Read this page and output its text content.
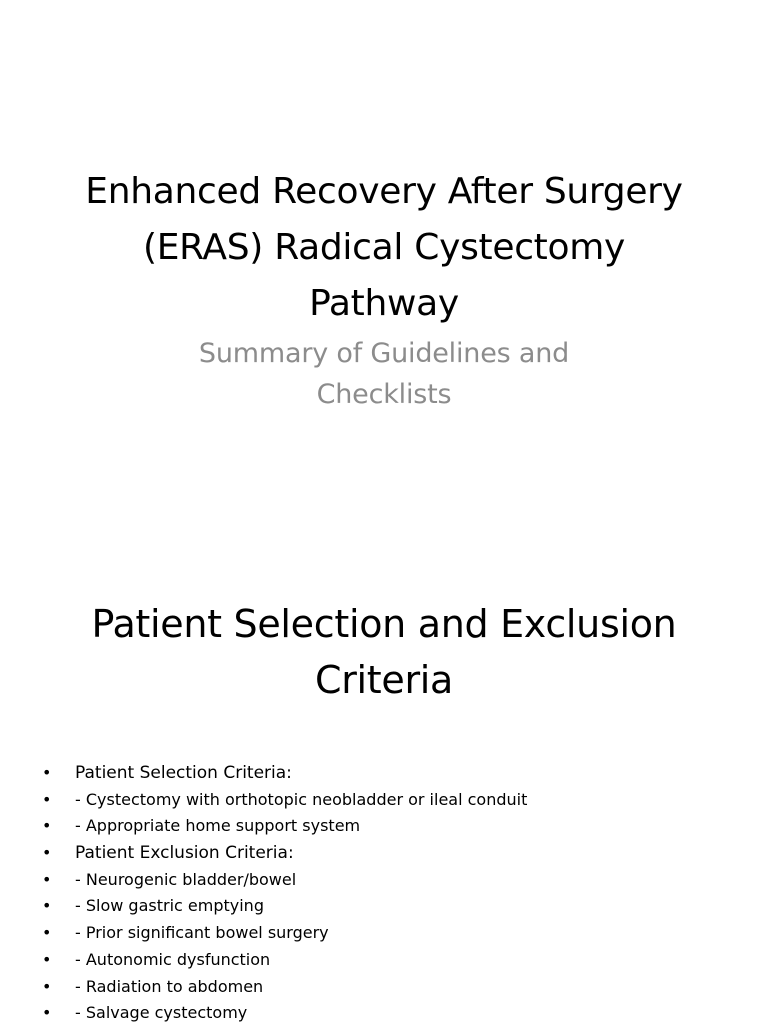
Enhanced Recovery After Surgery
(ERAS) Radical Cystectomy
Pathway

Summary of Guidelines and
Checklists

Patient Selection and Exclusion
Criteria
• Patient Selection Criteria:
• - Cystectomy with orthotopic neobladder or ileal conduit
• - Appropriate home support system
• Patient Exclusion Criteria:
• - Neurogenic bladder/bowel
• - Slow gastric emptying
• - Prior significant bowel surgery
• - Autonomic dysfunction
• - Radiation to abdomen
• - Salvage cystectomy
